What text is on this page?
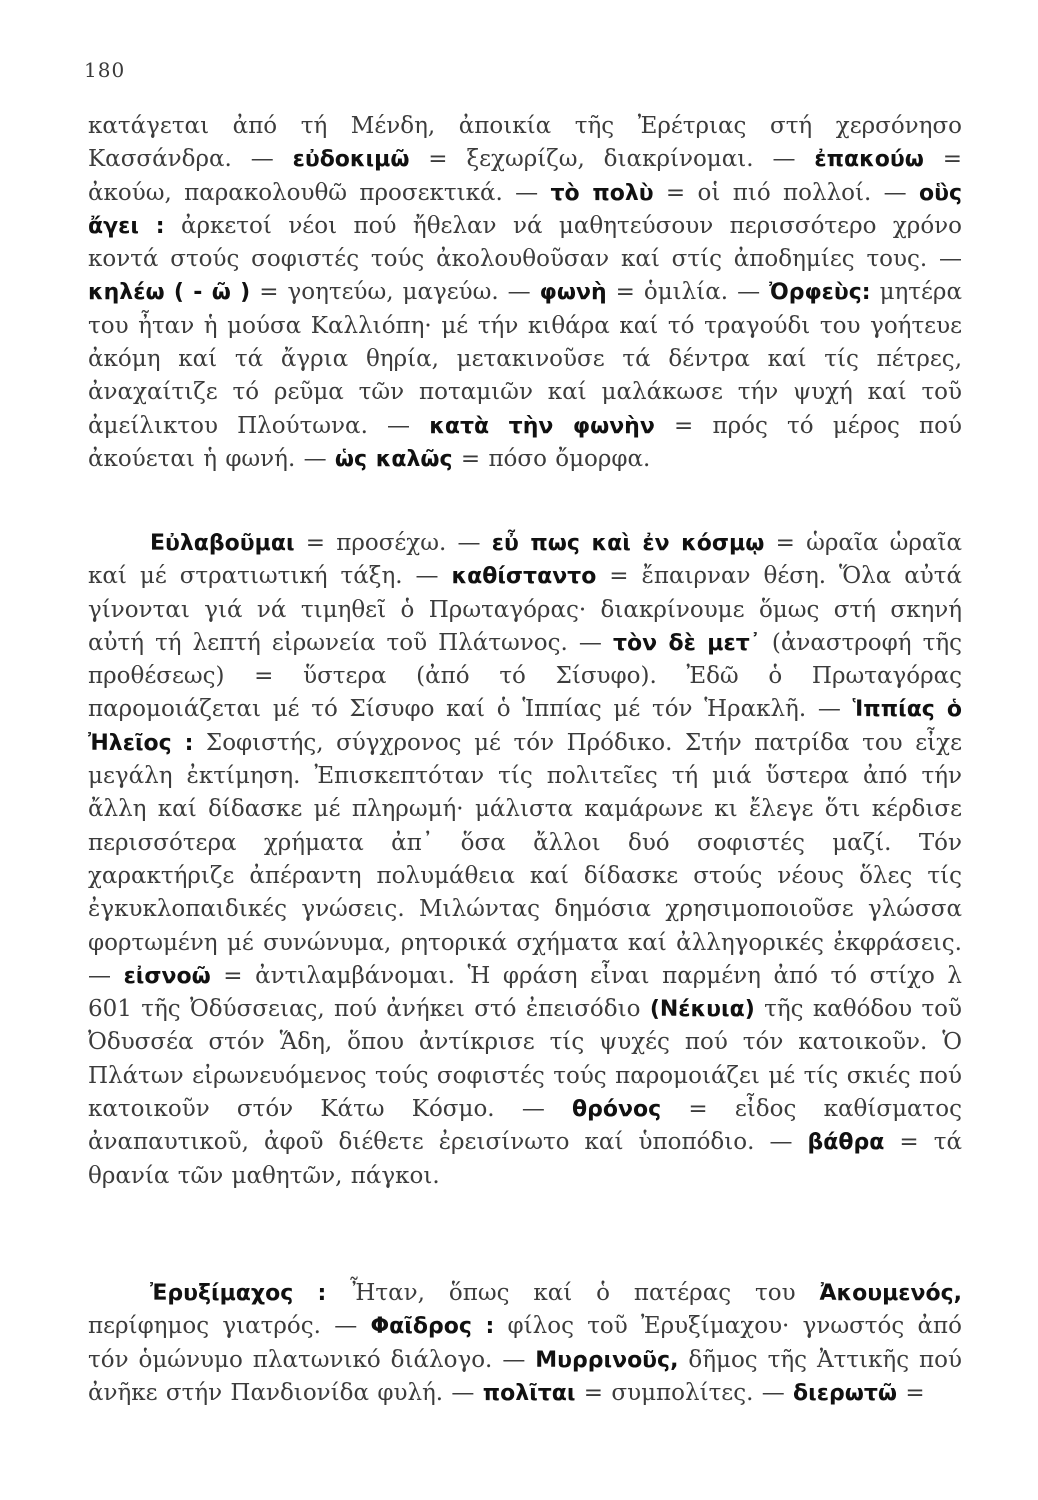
180
κατάγεται ἀπό τή Μένδη, ἀποικία τῆς Ἐρέτριας στή χερσόνησο Κασσάνδρα. — εὐδοκιμῶ = ξεχωρίζω, διακρίνομαι. — ἐπακούω = ἀκούω, παρακολουθῶ προσεκτικά. — τὸ πολὺ = οἱ πιό πολλοί. — οὓς ἄγει : ἀρκετοί νέοι πού ἤθελαν νά μαθητεύσουν περισσότερο χρόνο κοντά στούς σοφιστές τούς ἀκολουθοῦσαν καί στίς ἀποδημίες τους. — κηλέω ( - ῶ ) = γοητεύω, μαγεύω. — φωνὴ = ὁμιλία. — Ὀρφεὺς: μητέρα του ἦταν ἡ μούσα Καλλιόπη· μέ τήν κιθάρα καί τό τραγούδι του γοήτευε ἀκόμη καί τά ἄγρια θηρία, μετακινοῦσε τά δέντρα καί τίς πέτρες, ἀναχαίτιζε τό ρεῦμα τῶν ποταμιῶν καί μαλάκωσε τήν ψυχή καί τοῦ ἀμείλικτου Πλούτωνα. — κατὰ τὴν φωνὴν = πρός τό μέρος πού ἀκούεται ἡ φωνή. — ὡς καλῶς = πόσο ὄμορφα.
Εὐλαβοῦμαι = προσέχω. — εὖ πως καὶ ἐν κόσμῳ = ὡραῖα ὡραῖα καί μέ στρατιωτική τάξη. — καθίσταντο = ἔπαιρναν θέση. Ὅλα αὐτά γίνονται γιά νά τιμηθεῖ ὁ Πρωταγόρας· διακρίνουμε ὅμως στή σκηνή αὐτή τή λεπτή εἰρωνεία τοῦ Πλάτωνος. — τὸν δὲ μετ᾽ (ἀναστροφή τῆς προθέσεως) = ὕστερα (ἀπό τό Σίσυφο). Ἐδῶ ὁ Πρωταγόρας παρομοιάζεται μέ τό Σίσυφο καί ὁ Ἱππίας μέ τόν Ἡρακλῆ. — Ἱππίας ὁ Ἠλεῖος : Σοφιστής, σύγχρονος μέ τόν Πρόδικο. Στήν πατρίδα του εἶχε μεγάλη ἐκτίμηση. Ἐπισκεπτόταν τίς πολιτεῖες τή μιά ὕστερα ἀπό τήν ἄλλη καί δίδασκε μέ πληρωμή· μάλιστα καμάρωνε κι ἔλεγε ὅτι κέρδισε περισσότερα χρήματα ἀπ᾽ ὅσα ἄλλοι δυό σοφιστές μαζί. Τόν χαρακτήριζε ἀπέραντη πολυμάθεια καί δίδασκε στούς νέους ὅλες τίς ἐγκυκλοπαιδικές γνώσεις. Μιλώντας δημόσια χρησιμοποιοῦσε γλώσσα φορτωμένη μέ συνώνυμα, ρητορικά σχήματα καί ἀλληγορικές ἐκφράσεις. — εἰσνοῶ = ἀντιλαμβάνομαι. Ἡ φράση εἶναι παρμένη ἀπό τό στίχο λ 601 τῆς Ὀδύσσειας, πού ἀνήκει στό ἐπεισόδιο (Νέκυια) τῆς καθόδου τοῦ Ὀδυσσέα στόν Ἅδη, ὅπου ἀντίκρισε τίς ψυχές πού τόν κατοικοῦν. Ὁ Πλάτων εἰρωνευόμενος τούς σοφιστές τούς παρομοιάζει μέ τίς σκιές πού κατοικοῦν στόν Κάτω Κόσμο. — θρόνος = εἶδος καθίσματος ἀναπαυτικοῦ, ἀφοῦ διέθετε ἐρεισίνωτο καί ὑποπόδιο. — βάθρα = τά θρανία τῶν μαθητῶν, πάγκοι.
Ἐρυξίμαχος : Ἦταν, ὅπως καί ὁ πατέρας του Ἀκουμενός, περίφημος γιατρός. — Φαῖδρος : φίλος τοῦ Ἐρυξίμαχου· γνωστός ἀπό τόν ὁμώνυμο πλατωνικό διάλογο. — Μυρρινοῦς, δῆμος τῆς Ἀττικῆς πού ἀνῆκε στήν Πανδιονίδα φυλή. — πολῖται = συμπολίτες. — διερωτῶ =
